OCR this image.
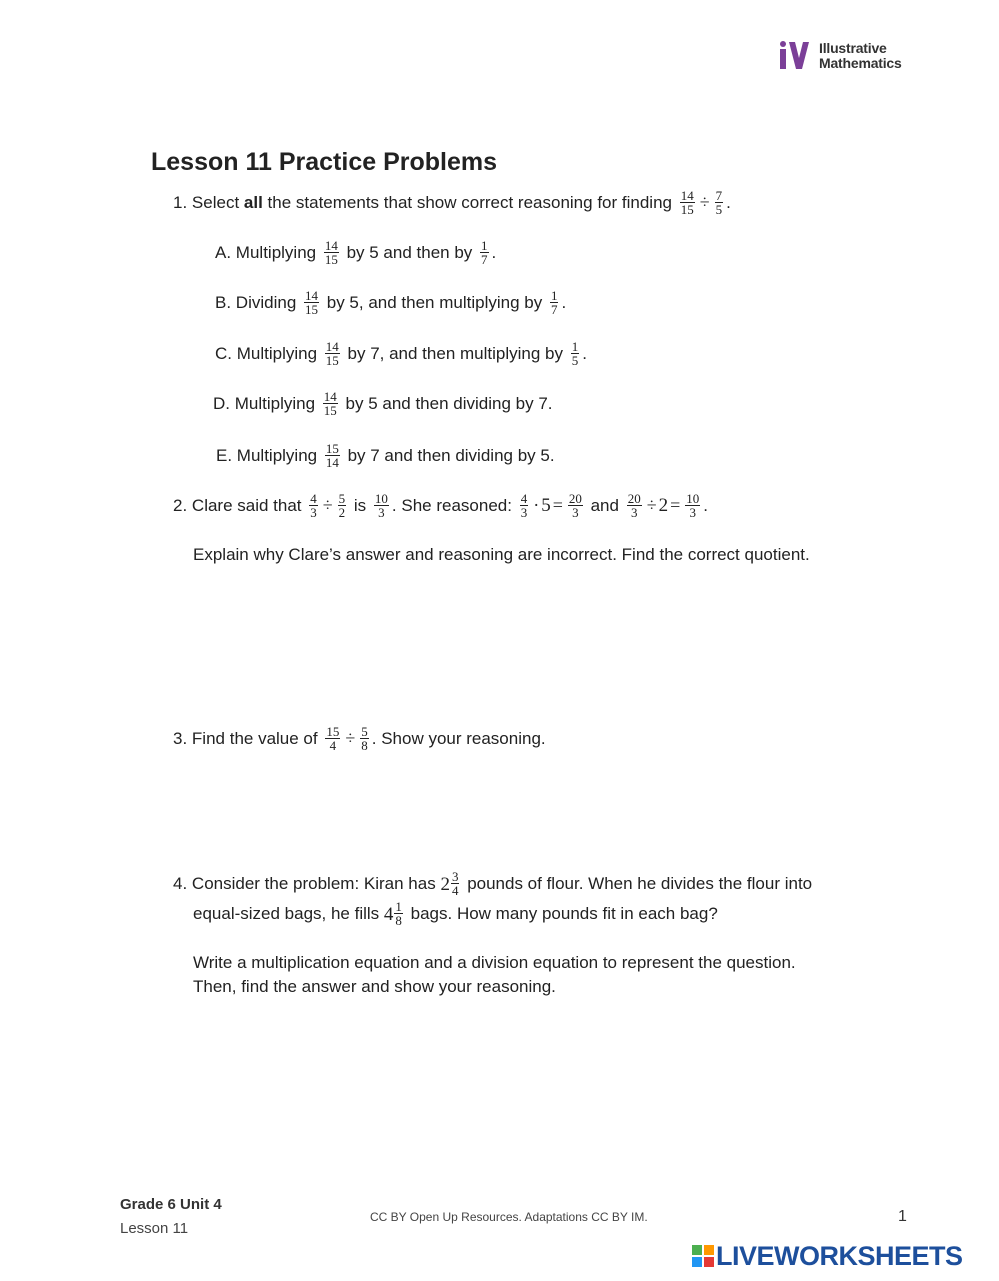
Illustrative
Mathematics
Lesson 11 Practice Problems
1. Select all the statements that show correct reasoning for finding $\frac{14}{15} \div \frac{7}{5}$ .
A. Multiplying $\frac{14}{15}$ by 5 and then by $\frac{1}{7}$ .
B. Dividing $\frac{14}{15}$ by 5, and then multiplying by $\frac{1}{7}$ .
C. Multiplying $\frac{14}{15}$ by 7, and then multiplying by $\frac{1}{5}$ .
D. Multiplying $\frac{14}{15}$ by 5 and then dividing by 7.
E. Multiplying $\frac{15}{14}$ by 7 and then dividing by 5.
2. Clare said that $\frac{4}{3} \div \frac{5}{2}$ is $\frac{10}{3}$ . She reasoned: $\frac{4}{3} \cdot 5 = \frac{20}{3}$ and $\frac{20}{3} \div 2 = \frac{10}{3}$ .
Explain why Clare’s answer and reasoning are incorrect. Find the correct quotient.
3. Find the value of $\frac{15}{4} \div \frac{5}{8}$ . Show your reasoning.
4. Consider the problem: Kiran has $2 \frac{3}{4}$ pounds of flour. When he divides the flour into
equal-sized bags, he fills $4 \frac{1}{8}$ bags. How many pounds fit in each bag?
Write a multiplication equation and a division equation to represent the question.
Then, find the answer and show your reasoning.
Grade 6 Unit 4
Lesson 11
CC BY Open Up Resources. Adaptations CC BY IM.	1
LIVEWORKSHEETS
